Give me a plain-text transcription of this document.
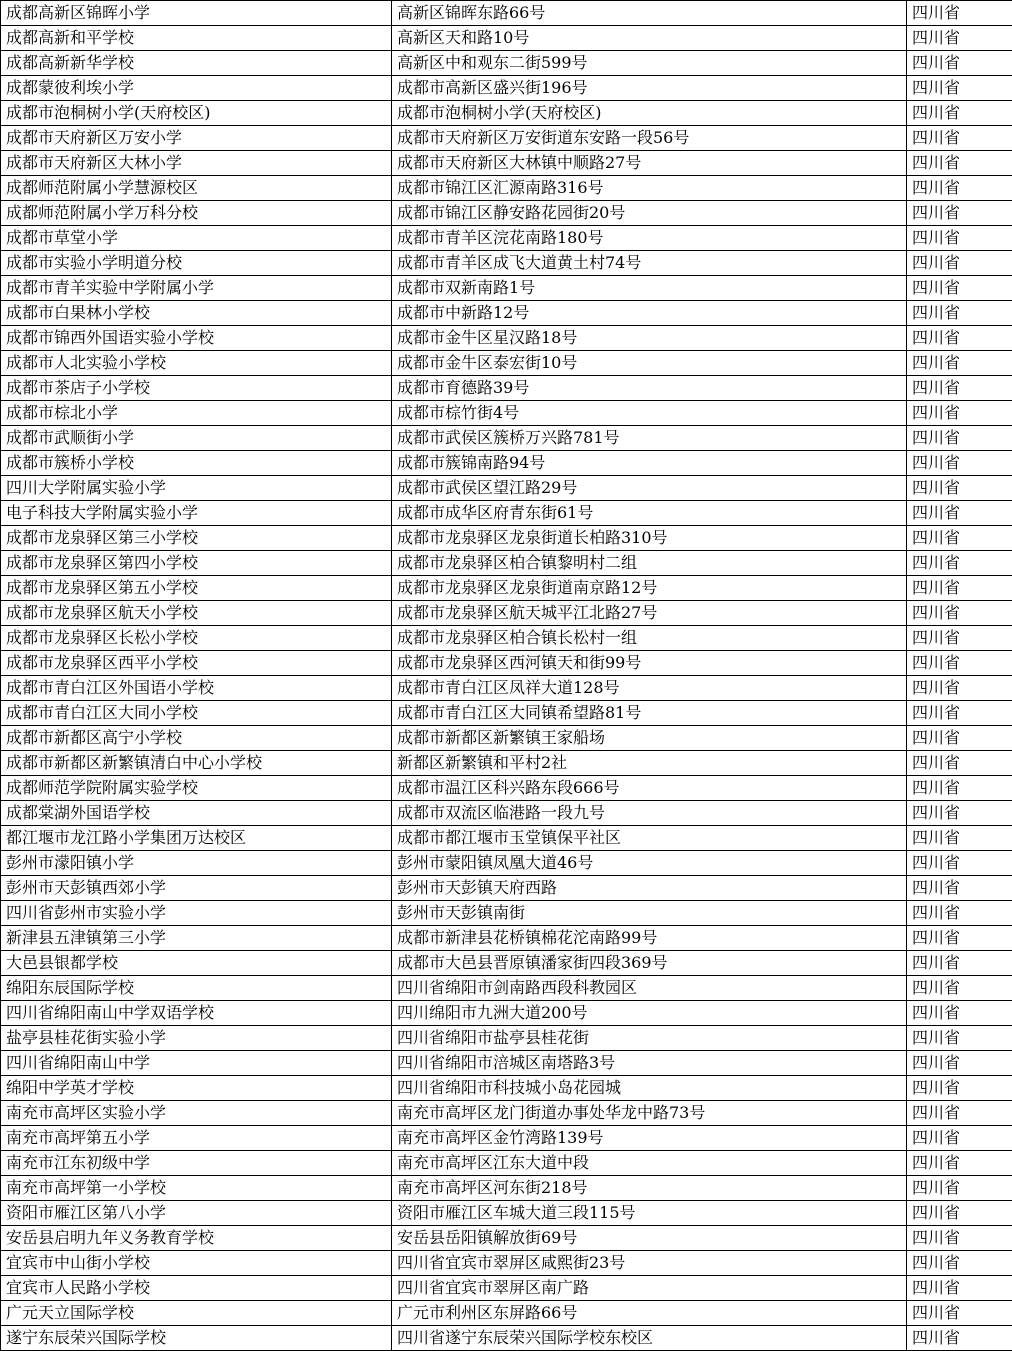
成都高新区锦晖小学	高新区锦晖东路66号	四川省
成都高新和平学校	高新区天和路10号	四川省
成都高新新华学校	高新区中和观东二街599号	四川省
成都蒙彼利埃小学	成都市高新区盛兴街196号	四川省
成都市泡桐树小学(天府校区)	成都市泡桐树小学(天府校区)	四川省
成都市天府新区万安小学	成都市天府新区万安街道东安路一段56号	四川省
成都市天府新区大林小学	成都市天府新区大林镇中顺路27号	四川省
成都师范附属小学慧源校区	成都市锦江区汇源南路316号	四川省
成都师范附属小学万科分校	成都市锦江区静安路花园街20号	四川省
成都市草堂小学	成都市青羊区浣花南路180号	四川省
成都市实验小学明道分校	成都市青羊区成飞大道黄土村74号	四川省
成都市青羊实验中学附属小学	成都市双新南路1号	四川省
成都市白果林小学校	成都市中新路12号	四川省
成都市锦西外国语实验小学校	成都市金牛区星汉路18号	四川省
成都市人北实验小学校	成都市金牛区泰宏街10号	四川省
成都市茶店子小学校	成都市育德路39号	四川省
成都市棕北小学	成都市棕竹街4号	四川省
成都市武顺街小学	成都市武侯区簇桥万兴路781号	四川省
成都市簇桥小学校	成都市簇锦南路94号	四川省
四川大学附属实验小学	成都市武侯区望江路29号	四川省
电子科技大学附属实验小学	成都市成华区府青东街61号	四川省
成都市龙泉驿区第三小学校	成都市龙泉驿区龙泉街道长柏路310号	四川省
成都市龙泉驿区第四小学校	成都市龙泉驿区柏合镇黎明村二组	四川省
成都市龙泉驿区第五小学校	成都市龙泉驿区龙泉街道南京路12号	四川省
成都市龙泉驿区航天小学校	成都市龙泉驿区航天城平江北路27号	四川省
成都市龙泉驿区长松小学校	成都市龙泉驿区柏合镇长松村一组	四川省
成都市龙泉驿区西平小学校	成都市龙泉驿区西河镇天和街99号	四川省
成都市青白江区外国语小学校	成都市青白江区凤祥大道128号	四川省
成都市青白江区大同小学校	成都市青白江区大同镇希望路81号	四川省
成都市新都区高宁小学校	成都市新都区新繁镇王家船场	四川省
成都市新都区新繁镇清白中心小学校	新都区新繁镇和平村2社	四川省
成都师范学院附属实验学校	成都市温江区科兴路东段666号	四川省
成都棠湖外国语学校	成都市双流区临港路一段九号	四川省
都江堰市龙江路小学集团万达校区	成都市都江堰市玉堂镇保平社区	四川省
彭州市濛阳镇小学	彭州市蒙阳镇凤凰大道46号	四川省
彭州市天彭镇西郊小学	彭州市天彭镇天府西路	四川省
四川省彭州市实验小学	彭州市天彭镇南街	四川省
新津县五津镇第三小学	成都市新津县花桥镇棉花沱南路99号	四川省
大邑县银都学校	成都市大邑县晋原镇潘家街四段369号	四川省
绵阳东辰国际学校	四川省绵阳市剑南路西段科教园区	四川省
四川省绵阳南山中学双语学校	四川绵阳市九洲大道200号	四川省
盐亭县桂花街实验小学	四川省绵阳市盐亭县桂花街	四川省
四川省绵阳南山中学	四川省绵阳市涪城区南塔路3号	四川省
绵阳中学英才学校	四川省绵阳市科技城小岛花园城	四川省
南充市高坪区实验小学	南充市高坪区龙门街道办事处华龙中路73号	四川省
南充市高坪第五小学	南充市高坪区金竹湾路139号	四川省
南充市江东初级中学	南充市高坪区江东大道中段	四川省
南充市高坪第一小学校	南充市高坪区河东街218号	四川省
资阳市雁江区第八小学	资阳市雁江区车城大道三段115号	四川省
安岳县启明九年义务教育学校	安岳县岳阳镇解放街69号	四川省
宜宾市中山街小学校	四川省宜宾市翠屏区咸熙街23号	四川省
宜宾市人民路小学校	四川省宜宾市翠屏区南广路	四川省
广元天立国际学校	广元市利州区东屏路66号	四川省
遂宁东辰荣兴国际学校	四川省遂宁东辰荣兴国际学校东校区	四川省
